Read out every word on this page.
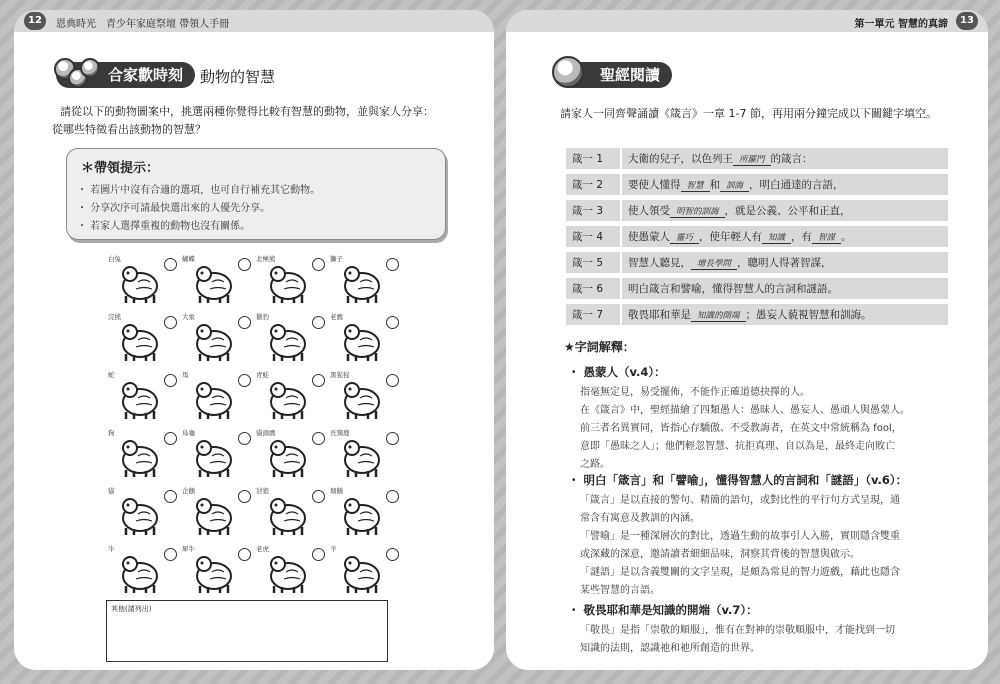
12	恩典時光　青少年家庭祭壇 帶領人手冊
合家歡時刻	動物的智慧
請從以下的動物圖案中，挑選兩種你覺得比較有智慧的動物，並與家人分享：
從哪些特徵看出該動物的智慧？
＊帶領提示：
・ 若圖片中沒有合適的選項，也可自行補充其它動物。
・ 分享次序可請最快選出來的人優先分享。
・ 若家人選擇重複的動物也沒有關係。
白兔	蝴蝶	北極熊	獅子
浣熊	大象	獵豹	老鷹
蛇	馬	青蛙	黑猩猩
狗	烏龜	貓頭鷹	長頸鹿
貓	企鵝	豺狼	塘鵝
牛	犀牛	老虎	羊
其他(請列出)
第一單元 智慧的真諦	13
聖經閱讀
請家人一同齊聲誦讀《箴言》一章 1-7 節，再用兩分鐘完成以下關鍵字填空。
箴一 1	大衛的兒子，以色列王 所羅門 的箴言：
箴一 2	要使人懂得 智慧 和 訓誨 ，明白通達的言語，
箴一 3	使人領受 明智的訓誨 ，就是公義、公平和正直，
箴一 4	使愚蒙人 靈巧 ，使年輕人有 知識 ，有 智謀 。
箴一 5	智慧人聽見， 增長學問 ，聰明人得著智謀，
箴一 6	明白箴言和譬喻，懂得智慧人的言詞和謎語。
箴一 7	敬畏耶和華是 知識的開端 ；愚妄人藐視智慧和訓誨。
★字詞解釋：
・ 愚蒙人（v.4）：
指毫無定見，易受擺佈，不能作正確道德抉擇的人。
在《箴言》中，聖經描繪了四類愚人：愚昧人、愚妄人、愚頑人與愚蒙人。
前三者名異實同，皆指心存驕傲、不受教誨者，在英文中常統稱為 fool，
意即「愚昧之人」；他們輕忽智慧、抗拒真理、自以為是，最終走向敗亡
之路。
・ 明白「箴言」和「譬喻」，懂得智慧人的言詞和「謎語」（v.6）：
「箴言」是以直接的警句、精簡的語句，或對比性的平行句方式呈現，通
常含有寓意及教訓的內涵。
「譬喻」是一種深層次的對比，透過生動的故事引人入勝，實則隱含雙重
或深藏的深意，邀請讀者細細品味，洞察其背後的智慧與啟示。
「謎語」是以含義雙關的文字呈現，是頗為常見的智力遊戲，藉此也隱含
某些智慧的言語。
・ 敬畏耶和華是知識的開端（v.7）：
「敬畏」是指「崇敬的順服」，惟有在對神的崇敬順服中，才能找到一切
知識的法則，認識祂和祂所創造的世界。
